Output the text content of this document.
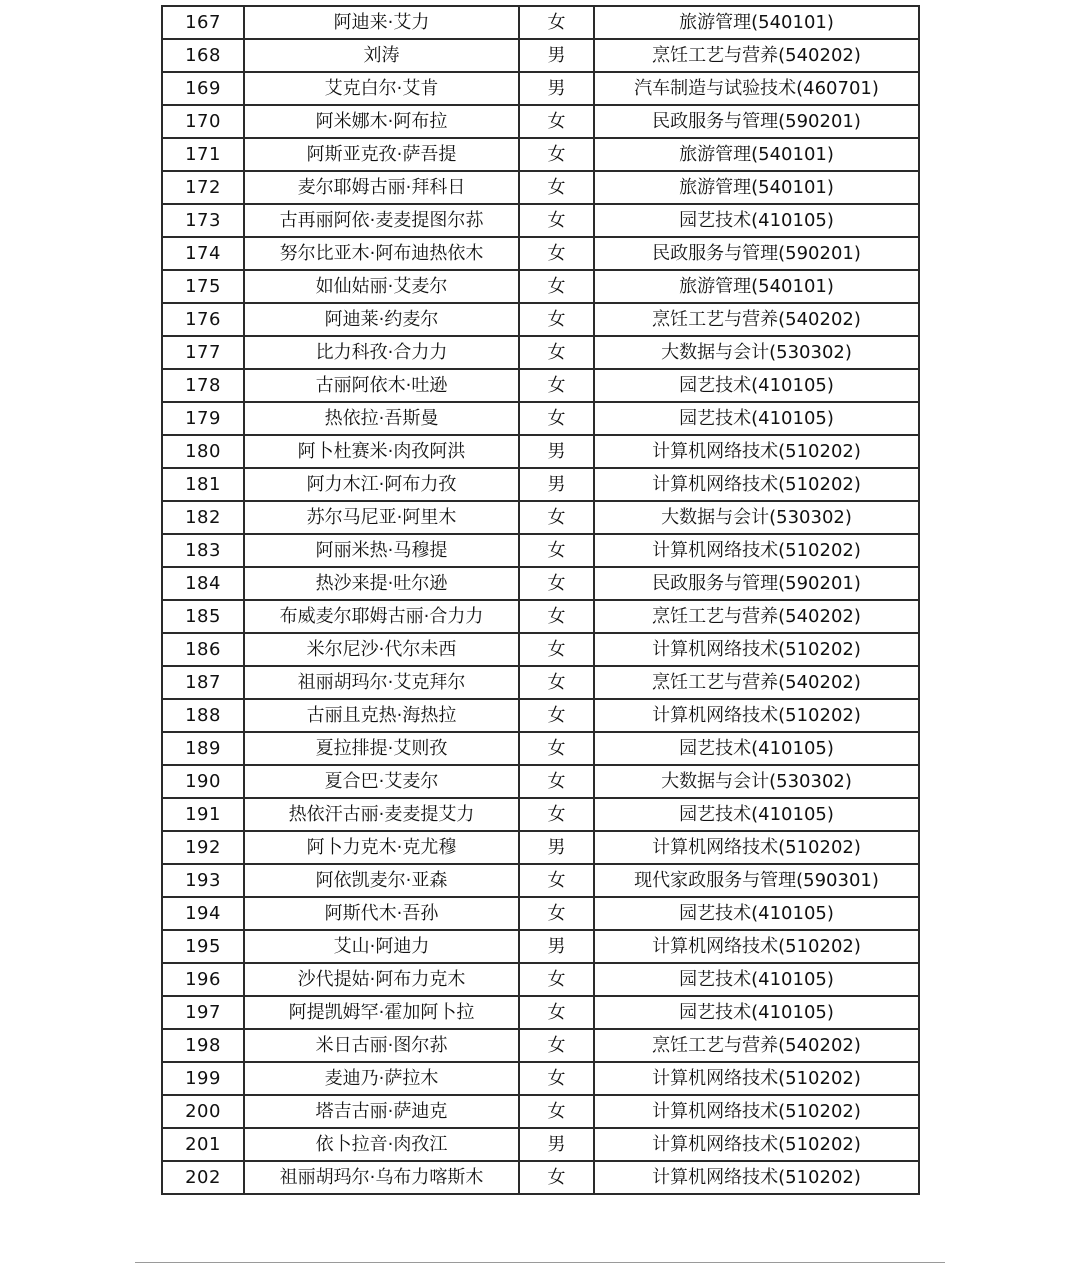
167	阿迪来·艾力	女	旅游管理(540101)
168	刘涛	男	烹饪工艺与营养(540202)
169	艾克白尔·艾肯	男	汽车制造与试验技术(460701)
170	阿米娜木·阿布拉	女	民政服务与管理(590201)
171	阿斯亚克孜·萨吾提	女	旅游管理(540101)
172	麦尔耶姆古丽·拜科日	女	旅游管理(540101)
173	古再丽阿依·麦麦提图尔荪	女	园艺技术(410105)
174	努尔比亚木·阿布迪热依木	女	民政服务与管理(590201)
175	如仙姑丽·艾麦尔	女	旅游管理(540101)
176	阿迪莱·约麦尔	女	烹饪工艺与营养(540202)
177	比力科孜·合力力	女	大数据与会计(530302)
178	古丽阿依木·吐逊	女	园艺技术(410105)
179	热依拉·吾斯曼	女	园艺技术(410105)
180	阿卜杜赛米·肉孜阿洪	男	计算机网络技术(510202)
181	阿力木江·阿布力孜	男	计算机网络技术(510202)
182	苏尔马尼亚·阿里木	女	大数据与会计(530302)
183	阿丽米热·马穆提	女	计算机网络技术(510202)
184	热沙来提·吐尔逊	女	民政服务与管理(590201)
185	布威麦尔耶姆古丽·合力力	女	烹饪工艺与营养(540202)
186	米尔尼沙·代尔未西	女	计算机网络技术(510202)
187	祖丽胡玛尔·艾克拜尔	女	烹饪工艺与营养(540202)
188	古丽且克热·海热拉	女	计算机网络技术(510202)
189	夏拉排提·艾则孜	女	园艺技术(410105)
190	夏合巴·艾麦尔	女	大数据与会计(530302)
191	热依汗古丽·麦麦提艾力	女	园艺技术(410105)
192	阿卜力克木·克尤穆	男	计算机网络技术(510202)
193	阿依凯麦尔·亚森	女	现代家政服务与管理(590301)
194	阿斯代木·吾孙	女	园艺技术(410105)
195	艾山·阿迪力	男	计算机网络技术(510202)
196	沙代提姑·阿布力克木	女	园艺技术(410105)
197	阿提凯姆罕·霍加阿卜拉	女	园艺技术(410105)
198	米日古丽·图尔荪	女	烹饪工艺与营养(540202)
199	麦迪乃·萨拉木	女	计算机网络技术(510202)
200	塔吉古丽·萨迪克	女	计算机网络技术(510202)
201	依卜拉音·肉孜江	男	计算机网络技术(510202)
202	祖丽胡玛尔·乌布力喀斯木	女	计算机网络技术(510202)
